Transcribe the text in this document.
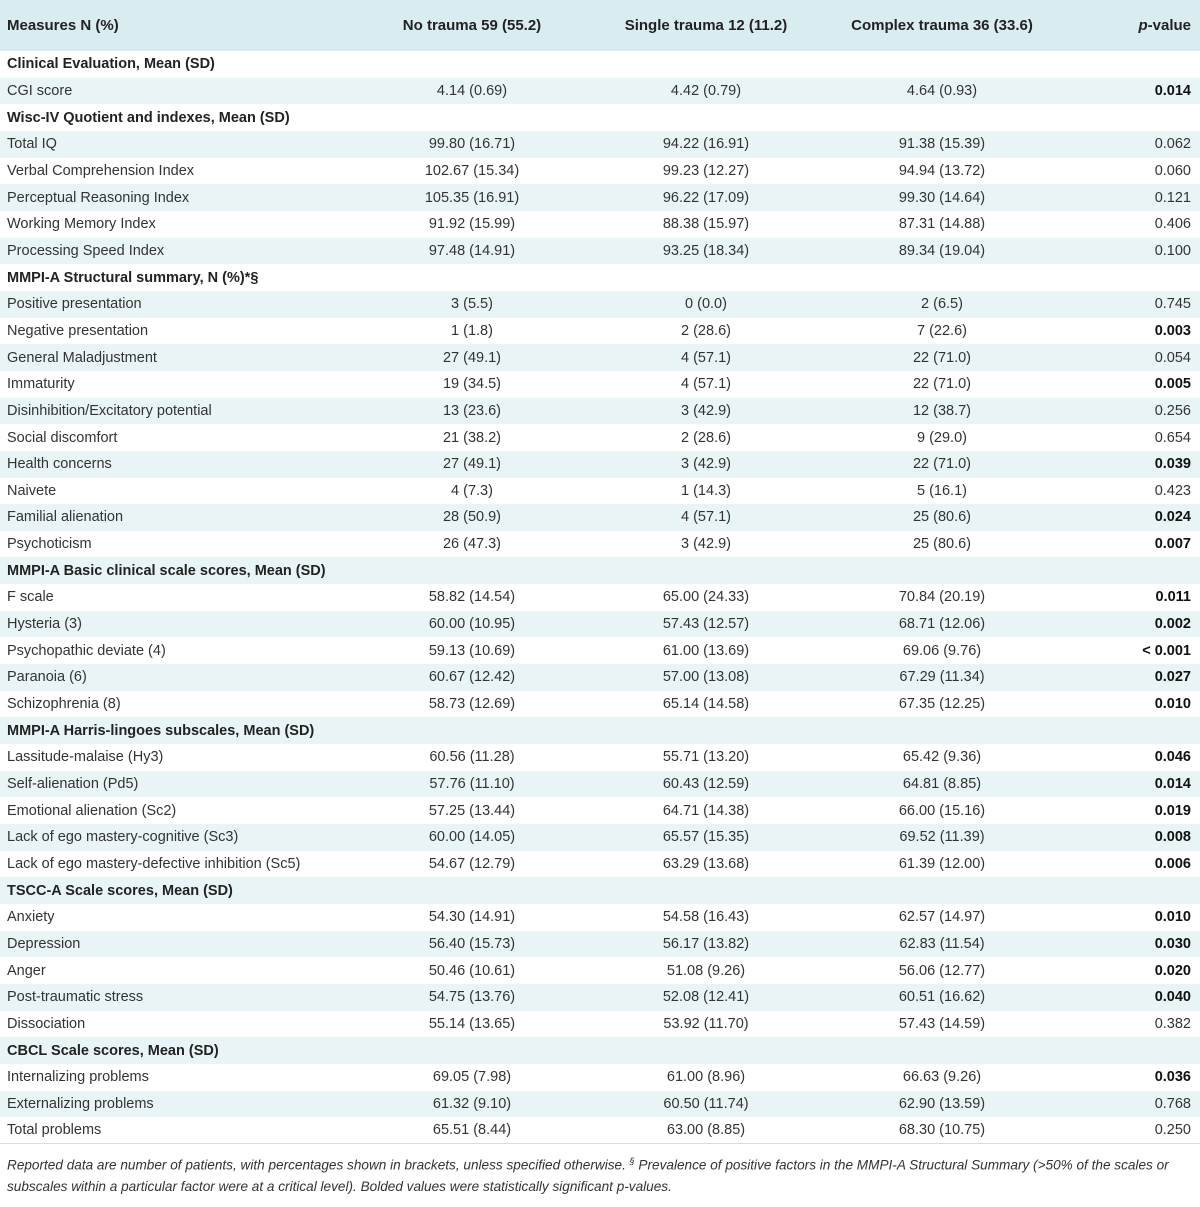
Measures N (%)	No trauma 59 (55.2)	Single trauma 12 (11.2)	Complex trauma 36 (33.6)	p-value
Clinical Evaluation, Mean (SD)				
CGI score	4.14 (0.69)	4.42 (0.79)	4.64 (0.93)	0.014
Wisc-IV Quotient and indexes, Mean (SD)				
Total IQ	99.80 (16.71)	94.22 (16.91)	91.38 (15.39)	0.062
Verbal Comprehension Index	102.67 (15.34)	99.23 (12.27)	94.94 (13.72)	0.060
Perceptual Reasoning Index	105.35 (16.91)	96.22 (17.09)	99.30 (14.64)	0.121
Working Memory Index	91.92 (15.99)	88.38 (15.97)	87.31 (14.88)	0.406
Processing Speed Index	97.48 (14.91)	93.25 (18.34)	89.34 (19.04)	0.100
MMPI-A Structural summary, N (%)*§				
Positive presentation	3 (5.5)	0 (0.0)	2 (6.5)	0.745
Negative presentation	1 (1.8)	2 (28.6)	7 (22.6)	0.003
General Maladjustment	27 (49.1)	4 (57.1)	22 (71.0)	0.054
Immaturity	19 (34.5)	4 (57.1)	22 (71.0)	0.005
Disinhibition/Excitatory potential	13 (23.6)	3 (42.9)	12 (38.7)	0.256
Social discomfort	21 (38.2)	2 (28.6)	9 (29.0)	0.654
Health concerns	27 (49.1)	3 (42.9)	22 (71.0)	0.039
Naivete	4 (7.3)	1 (14.3)	5 (16.1)	0.423
Familial alienation	28 (50.9)	4 (57.1)	25 (80.6)	0.024
Psychoticism	26 (47.3)	3 (42.9)	25 (80.6)	0.007
MMPI-A Basic clinical scale scores, Mean (SD)				
F scale	58.82 (14.54)	65.00 (24.33)	70.84 (20.19)	0.011
Hysteria (3)	60.00 (10.95)	57.43 (12.57)	68.71 (12.06)	0.002
Psychopathic deviate (4)	59.13 (10.69)	61.00 (13.69)	69.06 (9.76)	< 0.001
Paranoia (6)	60.67 (12.42)	57.00 (13.08)	67.29 (11.34)	0.027
Schizophrenia (8)	58.73 (12.69)	65.14 (14.58)	67.35 (12.25)	0.010
MMPI-A Harris-lingoes subscales, Mean (SD)				
Lassitude-malaise (Hy3)	60.56 (11.28)	55.71 (13.20)	65.42 (9.36)	0.046
Self-alienation (Pd5)	57.76 (11.10)	60.43 (12.59)	64.81 (8.85)	0.014
Emotional alienation (Sc2)	57.25 (13.44)	64.71 (14.38)	66.00 (15.16)	0.019
Lack of ego mastery-cognitive (Sc3)	60.00 (14.05)	65.57 (15.35)	69.52 (11.39)	0.008
Lack of ego mastery-defective inhibition (Sc5)	54.67 (12.79)	63.29 (13.68)	61.39 (12.00)	0.006
TSCC-A Scale scores, Mean (SD)				
Anxiety	54.30 (14.91)	54.58 (16.43)	62.57 (14.97)	0.010
Depression	56.40 (15.73)	56.17 (13.82)	62.83 (11.54)	0.030
Anger	50.46 (10.61)	51.08 (9.26)	56.06 (12.77)	0.020
Post-traumatic stress	54.75 (13.76)	52.08 (12.41)	60.51 (16.62)	0.040
Dissociation	55.14 (13.65)	53.92 (11.70)	57.43 (14.59)	0.382
CBCL Scale scores, Mean (SD)				
Internalizing problems	69.05 (7.98)	61.00 (8.96)	66.63 (9.26)	0.036
Externalizing problems	61.32 (9.10)	60.50 (11.74)	62.90 (13.59)	0.768
Total problems	65.51 (8.44)	63.00 (8.85)	68.30 (10.75)	0.250
Reported data are number of patients, with percentages shown in brackets, unless specified otherwise. § Prevalence of positive factors in the MMPI-A Structural Summary (>50% of the scales or subscales within a particular factor were at a critical level). Bolded values were statistically significant p-values.
